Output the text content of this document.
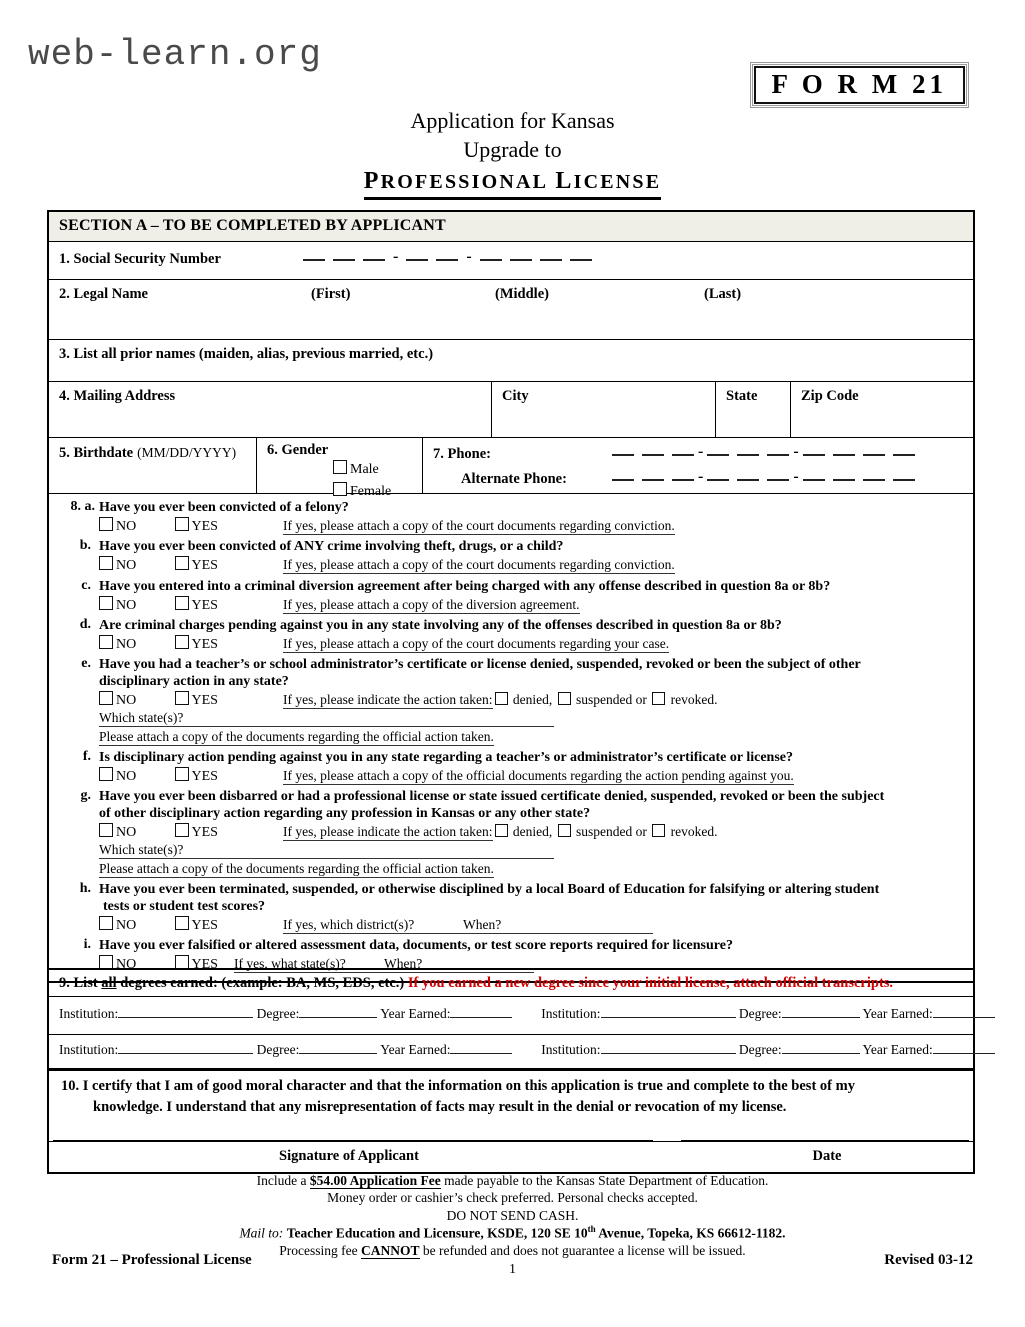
web-learn.org
F O R M 21
Application for Kansas
Upgrade to
PROFESSIONAL LICENSE
SECTION A – TO BE COMPLETED BY APPLICANT
1. Social Security Number	-	-
2. Legal Name	(First)	(Middle)	(Last)
3. List all prior names (maiden, alias, previous married, etc.)
4. Mailing Address	City	State	Zip Code
5. Birthdate (MM/DD/YYYY) 6. Gender
Male
Female
7. Phone:	-	-
Alternate Phone:	-	-
8. a. Have you ever been convicted of a felony?
NO	YES	If yes, please attach a copy of the court documents regarding conviction.
b. Have you ever been convicted of ANY crime involving theft, drugs, or a child?
NO	YES	If yes, please attach a copy of the court documents regarding conviction.
c. Have you entered into a criminal diversion agreement after being charged with any offense described in question 8a or 8b?
NO	YES	If yes, please attach a copy of the diversion agreement.
d. Are criminal charges pending against you in any state involving any of the offenses described in question 8a or 8b?
NO	YES	If yes, please attach a copy of the court documents regarding your case.
e. Have you had a teacher’s or school administrator’s certificate or license denied, suspended, revoked or been the subject of other
disciplinary action in any state?
NO	YES	If yes, please indicate the action taken: denied, suspended or revoked.
Which state(s)?
Please attach a copy of the documents regarding the official action taken.
f. Is disciplinary action pending against you in any state regarding a teacher’s or administrator’s certificate or license?
NO	YES	If yes, please attach a copy of the official documents regarding the action pending against you.
g. Have you ever been disbarred or had a professional license or state issued certificate denied, suspended, revoked or been the subject
of other disciplinary action regarding any profession in Kansas or any other state?
NO	YES	If yes, please indicate the action taken: denied, suspended or revoked.
Which state(s)?
Please attach a copy of the documents regarding the official action taken.
h. Have you ever been terminated, suspended, or otherwise disciplined by a local Board of Education for falsifying or altering student
tests or student test scores?
NO	YES	If yes, which district(s)?	When?
i. Have you ever falsified or altered assessment data, documents, or test score reports required for licensure?
NO	YES If yes, what state(s)?	When?
9. List all degrees earned: (example: BA, MS, EDS, etc.) If you earned a new degree since your initial license, attach official transcripts.
Institution:	Degree:	Year Earned:	Institution:	Degree:	Year Earned:
Institution:	Degree:	Year Earned:	Institution:	Degree:	Year Earned:
10. I certify that I am of good moral character and that the information on this application is true and complete to the best of my
knowledge. I understand that any misrepresentation of facts may result in the denial or revocation of my license.
Signature of Applicant	Date
Include a $54.00 Application Fee made payable to the Kansas State Department of Education.
Money order or cashier’s check preferred. Personal checks accepted.
DO NOT SEND CASH.
Mail to: Teacher Education and Licensure, KSDE, 120 SE 10th Avenue, Topeka, KS 66612-1182.
Processing fee CANNOT be refunded and does not guarantee a license will be issued.
Form 21 – Professional License
1
Revised 03-12
